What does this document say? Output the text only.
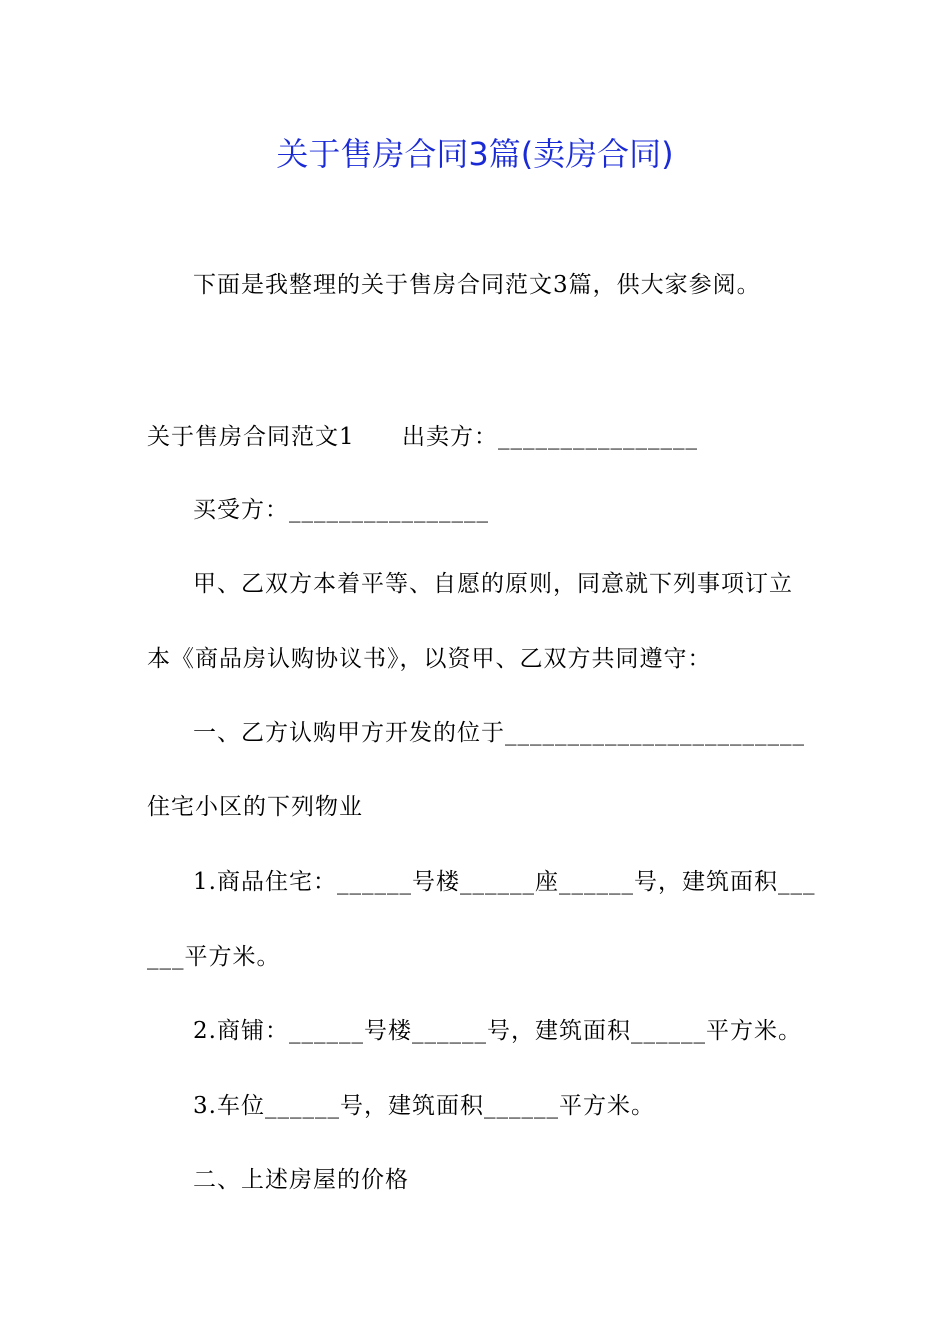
关于售房合同3篇(卖房合同)
下面是我整理的关于售房合同范文3篇，供大家参阅。
关于售房合同范文1 出卖方：________________
买受方：________________
甲、乙双方本着平等、自愿的原则，同意就下列事项订立
本《商品房认购协议书》，以资甲、乙双方共同遵守：
一、乙方认购甲方开发的位于________________________
住宅小区的下列物业
1.商品住宅：______号楼______座______号，建筑面积___
___平方米。
2.商铺：______号楼______号，建筑面积______平方米。
3.车位______号，建筑面积______平方米。
二、上述房屋的价格
